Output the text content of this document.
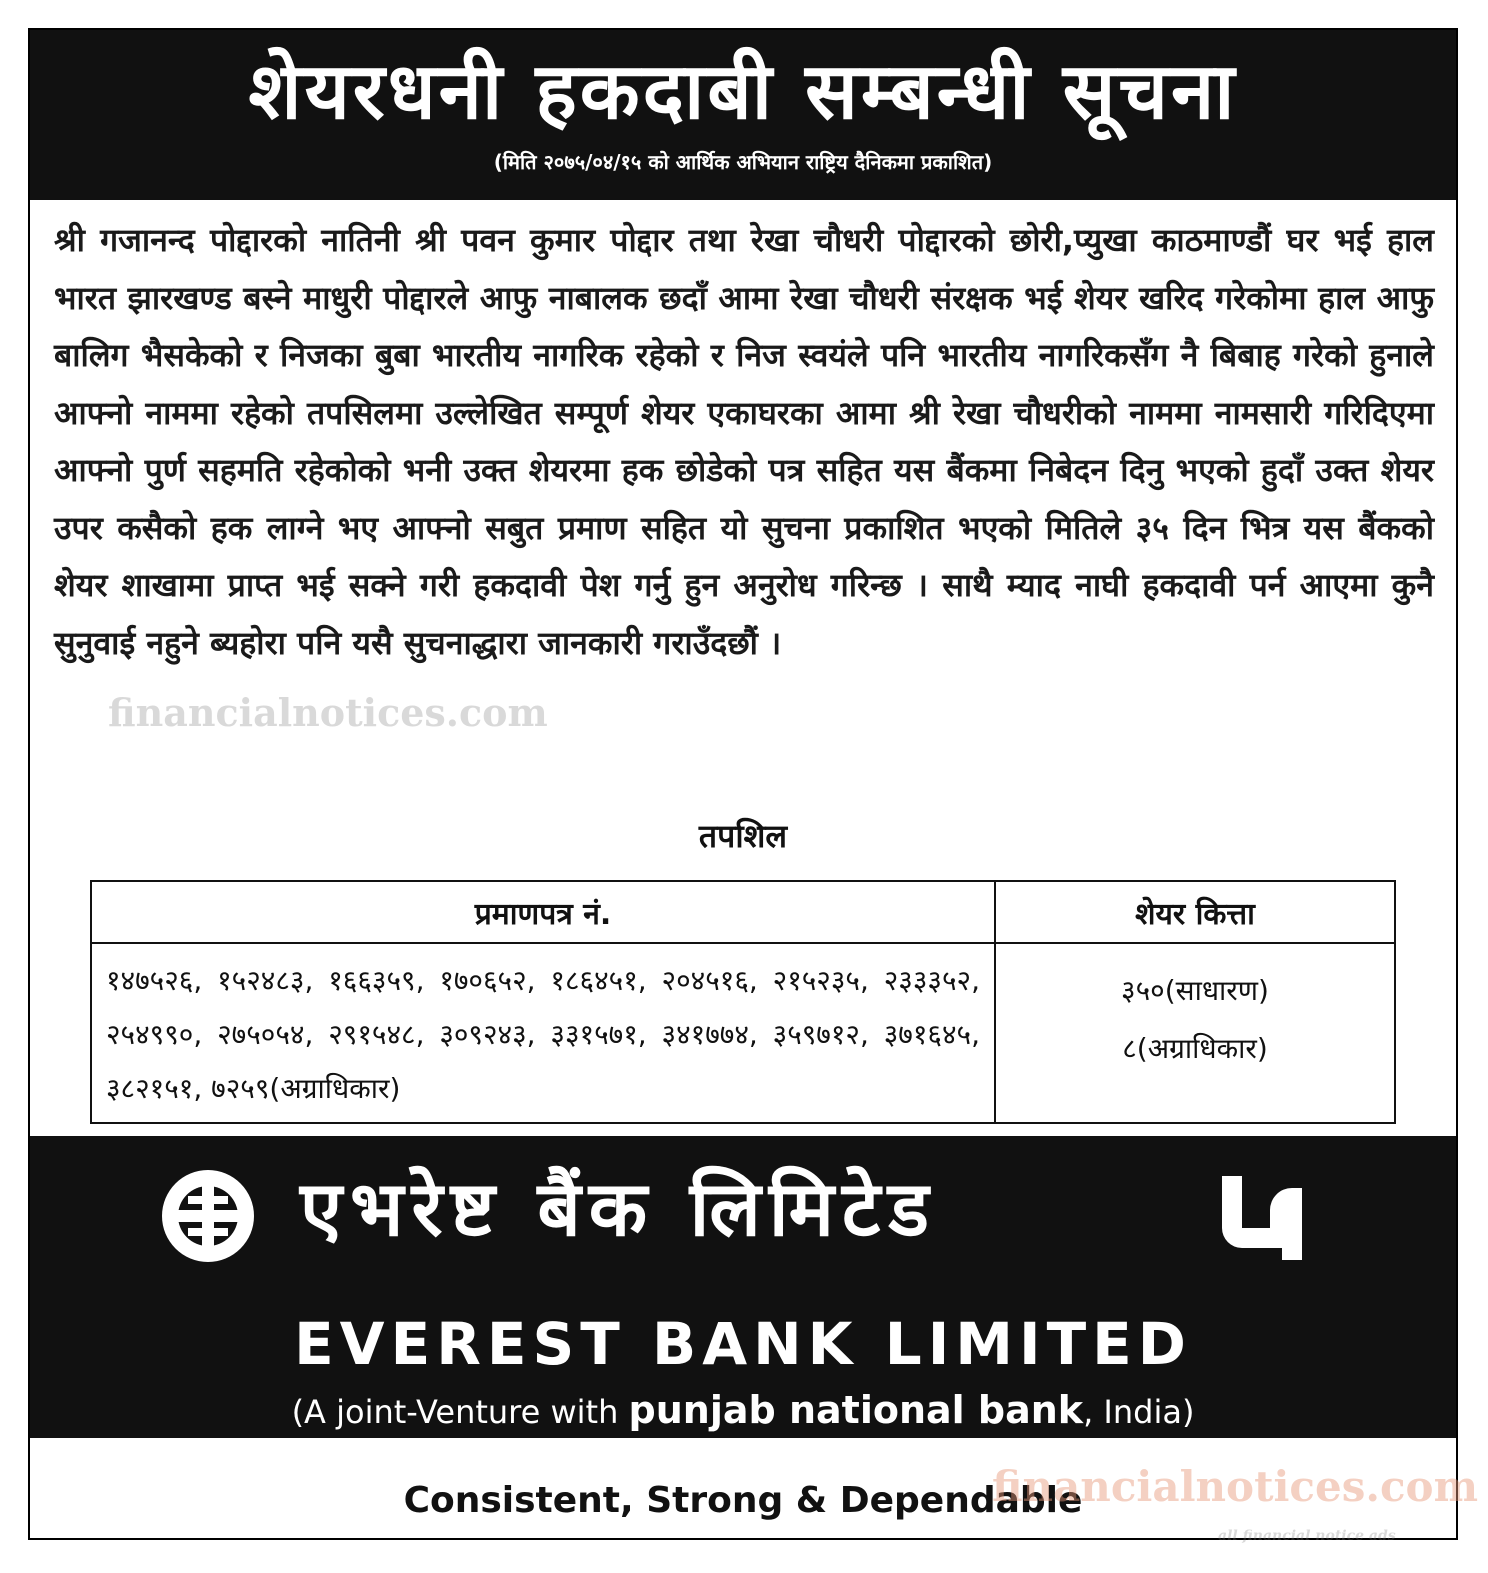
शेयरधनी हकदाबी सम्बन्धी सूचना
(मिति २०७५/०४/१५ को आर्थिक अभियान राष्ट्रिय दैनिकमा प्रकाशित)
श्री गजानन्द पोद्दारको नातिनी श्री पवन कुमार पोद्दार तथा रेखा चौधरी पोद्दारको छोरी,प्युखा काठमाण्डौं घर भई हाल भारत झारखण्ड बस्ने माधुरी पोद्दारले आफु नाबालक छदाँ आमा रेखा चौधरी संरक्षक भई शेयर खरिद गरेकोमा हाल आफु बालिग भैसकेको र निजका बुबा भारतीय नागरिक रहेको र निज स्वयंले पनि भारतीय नागरिकसँग नै बिबाह गरेको हुनाले आफ्नो नाममा रहेको तपसिलमा उल्लेखित सम्पूर्ण शेयर एकाघरका आमा श्री रेखा चौधरीको नाममा नामसारी गरिदिएमा आफ्नो पुर्ण सहमति रहेकोको भनी उक्त शेयरमा हक छोडेको पत्र सहित यस बैंकमा निबेदन दिनु भएको हुदाँ उक्त शेयर उपर कसैको हक लाग्ने भए आफ्नो सबुत प्रमाण सहित यो सुचना प्रकाशित भएको मितिले ३५ दिन भित्र यस बैंकको शेयर शाखामा प्राप्त भई सक्ने गरी हकदावी पेश गर्नु हुन अनुरोध गरिन्छ । साथै म्याद नाघी हकदावी पर्न आएमा कुनै सुनुवाई नहुने ब्यहोरा पनि यसै सुचनाद्धारा जानकारी गराउँदछौं ।
तपशिल
प्रमाणपत्र नं.	शेयर कित्ता
१४७५२६, १५२४८३, १६६३५९, १७०६५२, १८६४५१, २०४५१६, २१५२३५, २३३३५२, २५४९९०, २७५०५४, २९१५४८, ३०९२४३, ३३१५७१, ३४१७७४, ३५९७१२, ३७१६४५, ३८२१५१, ७२५९(अग्राधिकार)	३५०(साधारण)
८(अग्राधिकार)
एभरेष्ट बैंक लिमिटेड
EVEREST BANK LIMITED
(A joint-Venture with punjab national bank, India)
Consistent, Strong & Dependable
financialnotices.com
financialnotices.com
all financial notice ads
